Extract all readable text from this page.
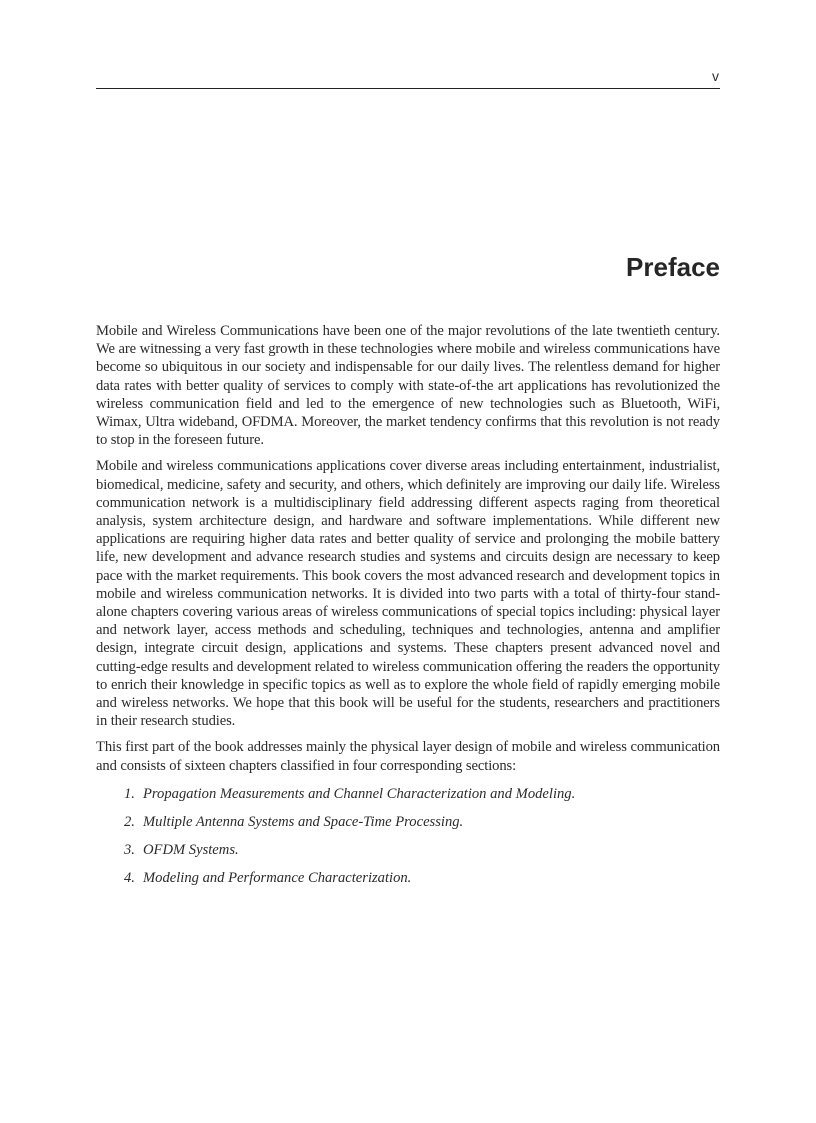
v
Preface

Mobile and Wireless Communications have been one of the major revolutions of the late twentieth century. We are witnessing a very fast growth in these technologies where mobile and wireless communications have become so ubiquitous in our society and indispensable for our daily lives. The relentless demand for higher data rates with better quality of services to comply with state-of-the art applications has revolutionized the wireless communication field and led to the emergence of new technologies such as Bluetooth, WiFi, Wimax, Ultra wideband, OFDMA. Moreover, the market tendency confirms that this revolution is not ready to stop in the foreseen future.

Mobile and wireless communications applications cover diverse areas including entertainment, industrialist, biomedical, medicine, safety and security, and others, which definitely are improving our daily life. Wireless communication network is a multidisciplinary field addressing different aspects raging from theoretical analysis, system architecture design, and hardware and software implementations. While different new applications are requiring higher data rates and better quality of service and prolonging the mobile battery life, new development and advance research studies and systems and circuits design are necessary to keep pace with the market requirements. This book covers the most advanced research and development topics in mobile and wireless communication networks. It is divided into two parts with a total of thirty-four stand-alone chapters covering various areas of wireless communications of special topics including: physical layer and network layer, access methods and scheduling, techniques and technologies, antenna and amplifier design, integrate circuit design, applications and systems. These chapters present advanced novel and cutting-edge results and development related to wireless communication offering the readers the opportunity to enrich their knowledge in specific topics as well as to explore the whole field of rapidly emerging mobile and wireless networks. We hope that this book will be useful for the students, researchers and practitioners in their research studies.

This first part of the book addresses mainly the physical layer design of mobile and wireless communication and consists of sixteen chapters classified in four corresponding sections:

1. Propagation Measurements and Channel Characterization and Modeling.
2. Multiple Antenna Systems and Space-Time Processing.
3. OFDM Systems.
4. Modeling and Performance Characterization.
